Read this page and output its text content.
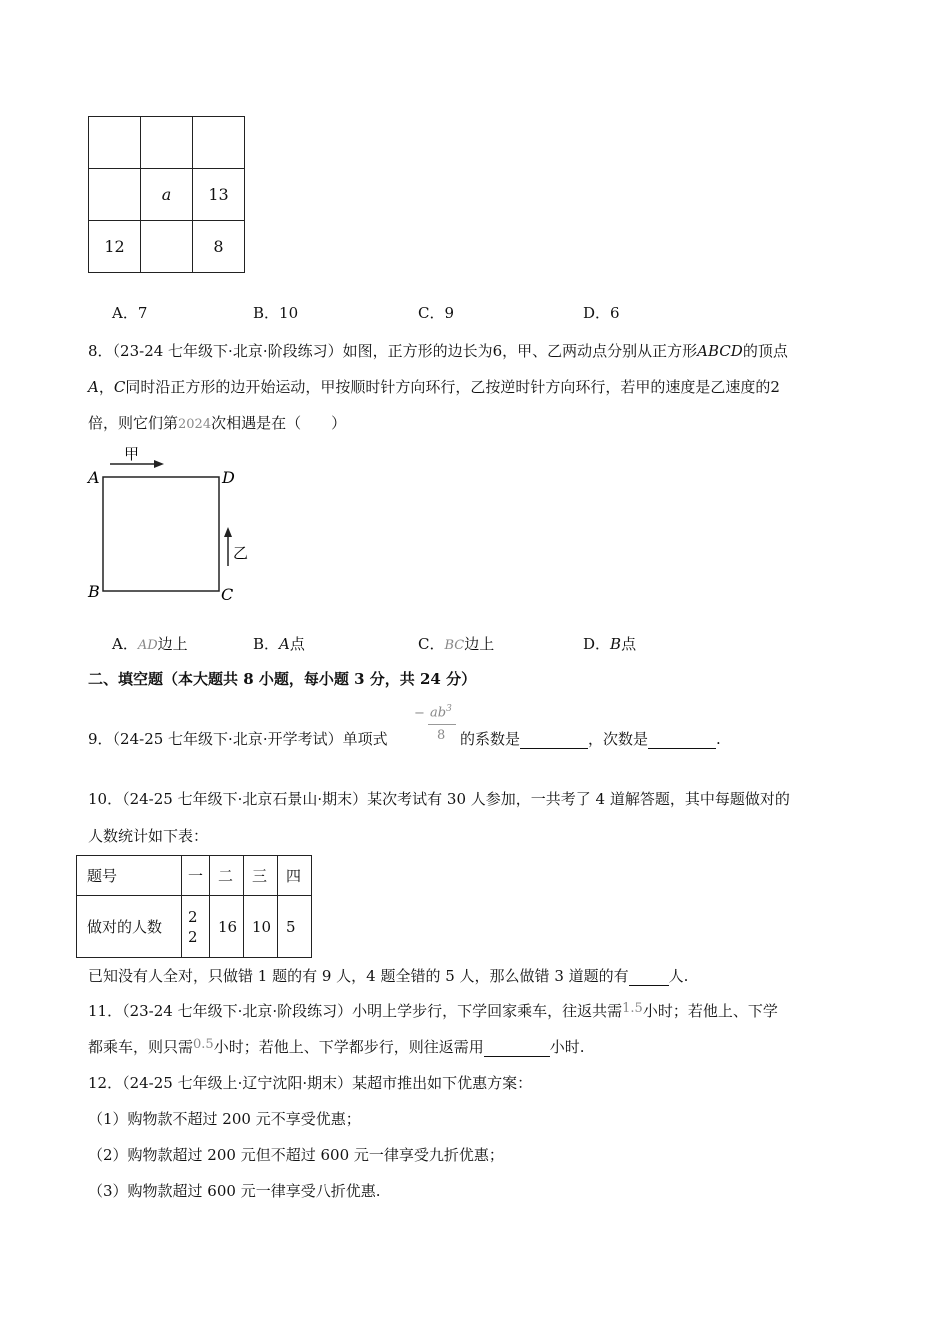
	a	13
12		8
A．7	B．10	C．9	D．6
8．（23-24 七年级下·北京·阶段练习）如图，正方形的边长为6，甲、乙两动点分别从正方形ABCD的顶点
A，C同时沿正方形的边开始运动，甲按顺时针方向环行，乙按逆时针方向环行，若甲的速度是乙速度的2
倍，则它们第2024次相遇是在（　　）
甲
乙
A	D
B	C
A．AD边上	B．A点	C．BC边上	D．B点
二、填空题（本大题共 8 小题，每小题 3 分，共 24 分）
9．（24-25 七年级下·北京·开学考试）单项式
− $ab^3$
8 的系数是	，次数是	.
10．（24-25 七年级下·北京石景山·期末）某次考试有 30 人参加，一共考了 4 道解答题，其中每题做对的
人数统计如下表：
题号	一	二	三	四
做对的人数	2 2	16	10	5
已知没有人全对，只做错 1 题的有 9 人，4 题全错的 5 人，那么做错 3 道题的有	人.
11．（23-24 七年级下·北京·阶段练习）小明上学步行，下学回家乘车，往返共需1.5小时；若他上、下学
都乘车，则只需0.5小时；若他上、下学都步行，则往返需用	小时.
12．（24-25 七年级上·辽宁沈阳·期末）某超市推出如下优惠方案：
（1）购物款不超过 200 元不享受优惠；
（2）购物款超过 200 元但不超过 600 元一律享受九折优惠；
（3）购物款超过 600 元一律享受八折优惠.
